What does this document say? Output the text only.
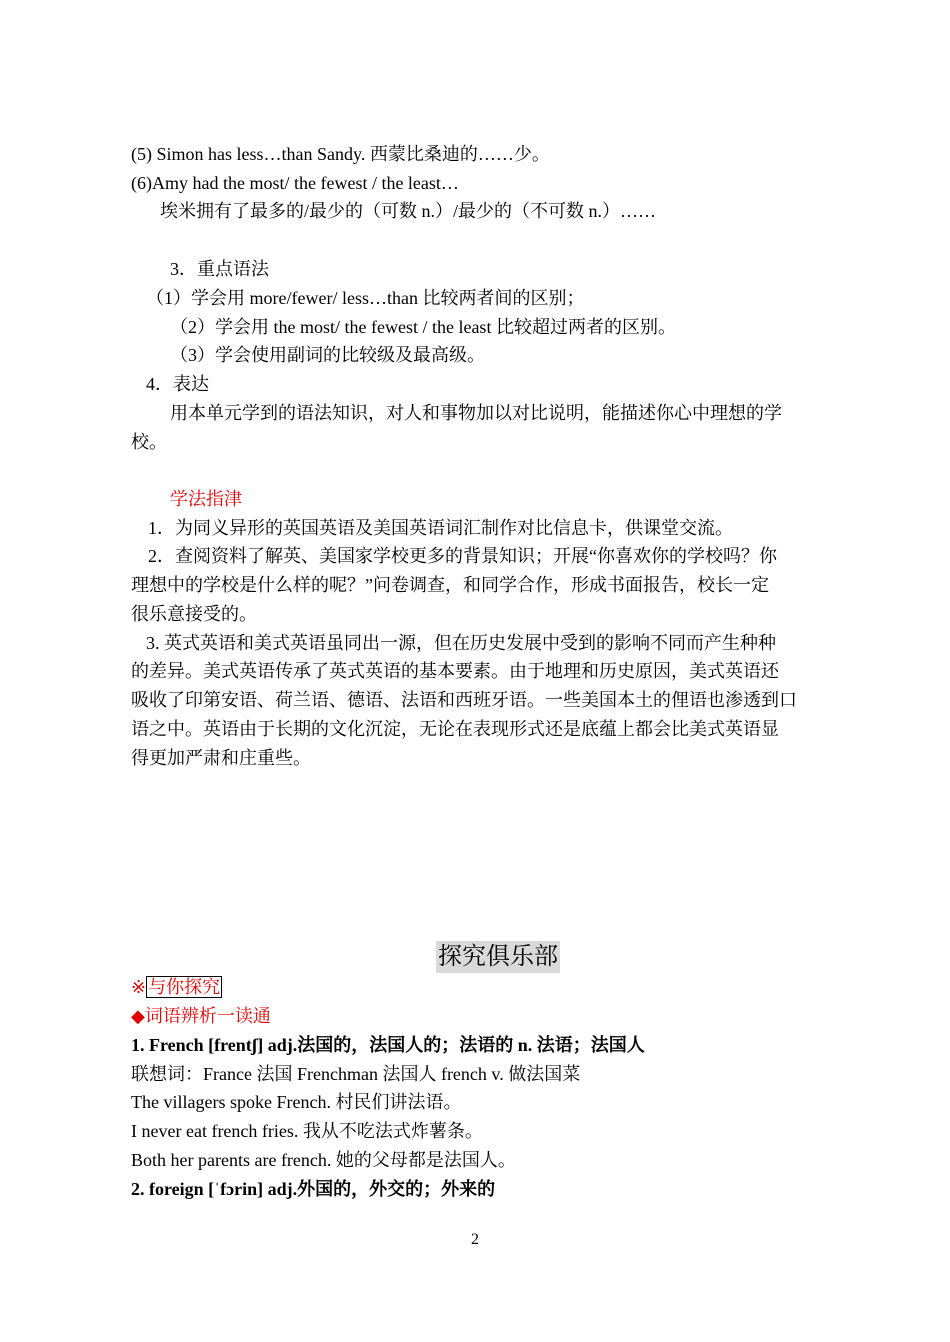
(5) Simon has less…than Sandy. 西蒙比桑迪的……少。
(6)Amy had the most/ the fewest / the least…
埃米拥有了最多的/最少的（可数 n.）/最少的（不可数 n.）……
3．重点语法
（1）学会用 more/fewer/ less…than 比较两者间的区别；
（2）学会用 the most/ the fewest / the least 比较超过两者的区别。
（3）学会使用副词的比较级及最高级。
4．表达
用本单元学到的语法知识，对人和事物加以对比说明，能描述你心中理想的学
校。
学法指津
1．为同义异形的英国英语及美国英语词汇制作对比信息卡，供课堂交流。
2．查阅资料了解英、美国家学校更多的背景知识；开展“你喜欢你的学校吗？你
理想中的学校是什么样的呢？”问卷调查，和同学合作，形成书面报告，校长一定
很乐意接受的。
3. 英式英语和美式英语虽同出一源，但在历史发展中受到的影响不同而产生种种
的差异。美式英语传承了英式英语的基本要素。由于地理和历史原因，美式英语还
吸收了印第安语、荷兰语、德语、法语和西班牙语。一些美国本土的俚语也渗透到口
语之中。英语由于长期的文化沉淀，无论在表现形式还是底蕴上都会比美式英语显
得更加严肃和庄重些。
探究俱乐部
※ 与你探究
◆词语辨析一读通
1. French [frentʃ] adj.法国的，法国人的；法语的 n. 法语；法国人
联想词：France 法国 Frenchman 法国人 french v. 做法国菜
The villagers spoke French. 村民们讲法语。
I never eat french fries. 我从不吃法式炸薯条。
Both her parents are french. 她的父母都是法国人。
2. foreign [ˈfɔrin] adj.外国的，外交的；外来的
2
